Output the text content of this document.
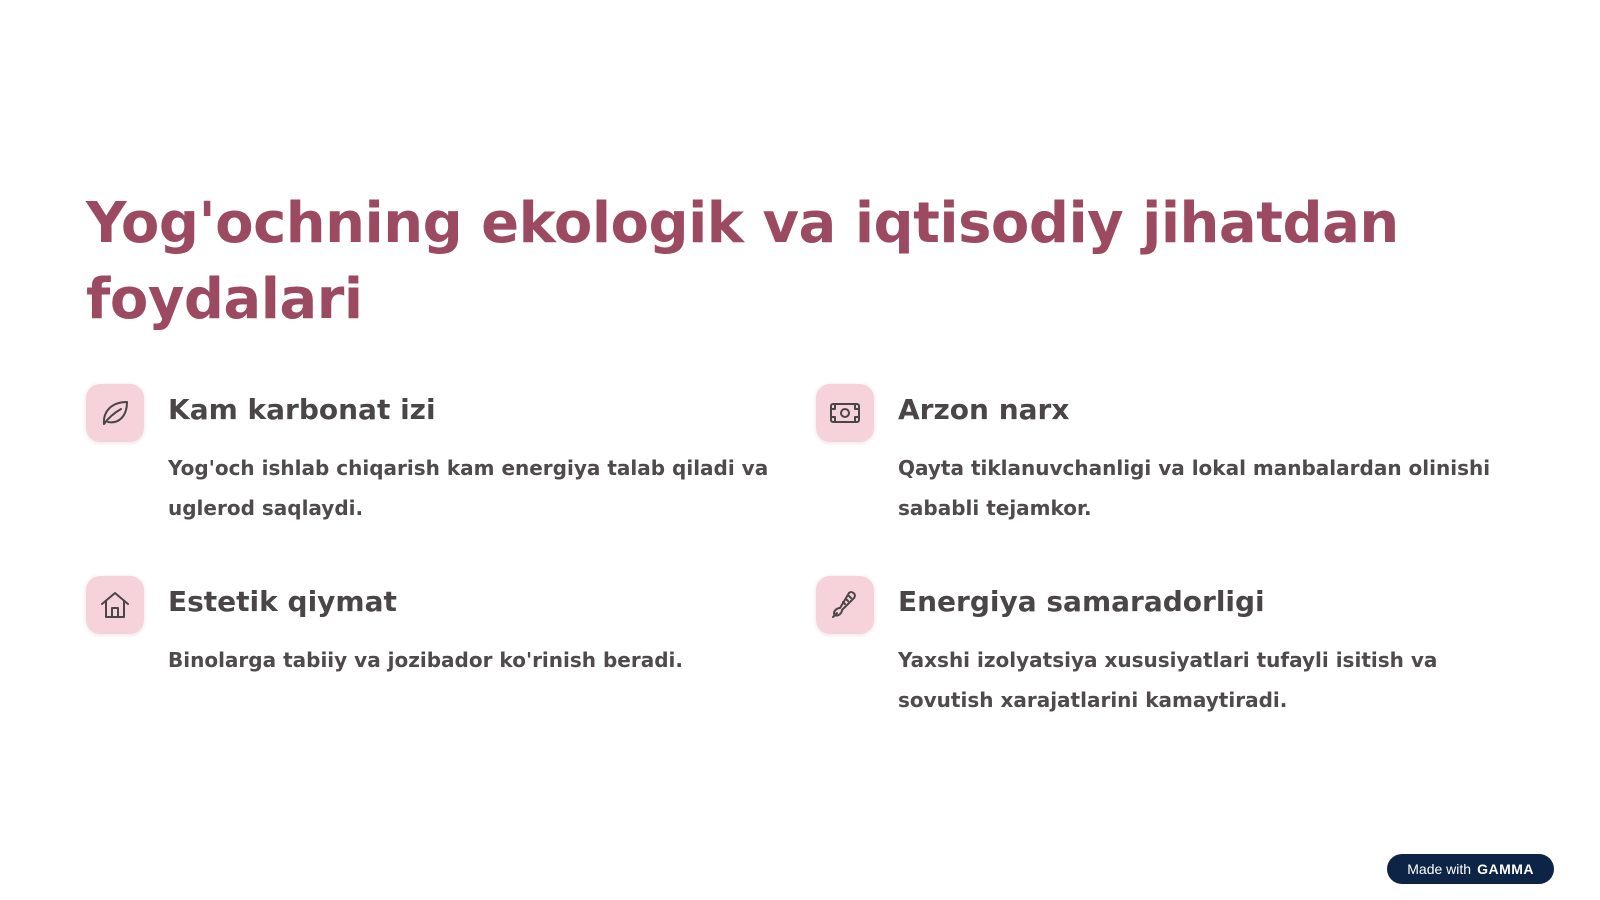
Yog'ochning ekologik va iqtisodiy jihatdan foydalari
Kam karbonat izi

Yog'och ishlab chiqarish kam energiya talab qiladi va uglerod saqlaydi.

Arzon narx

Qayta tiklanuvchanligi va lokal manbalardan olinishi sababli tejamkor.

Estetik qiymat

Binolarga tabiiy va jozibador ko'rinish beradi.

Energiya samaradorligi

Yaxshi izolyatsiya xususiyatlari tufayli isitish va sovutish xarajatlarini kamaytiradi.

Made with GAMMA
